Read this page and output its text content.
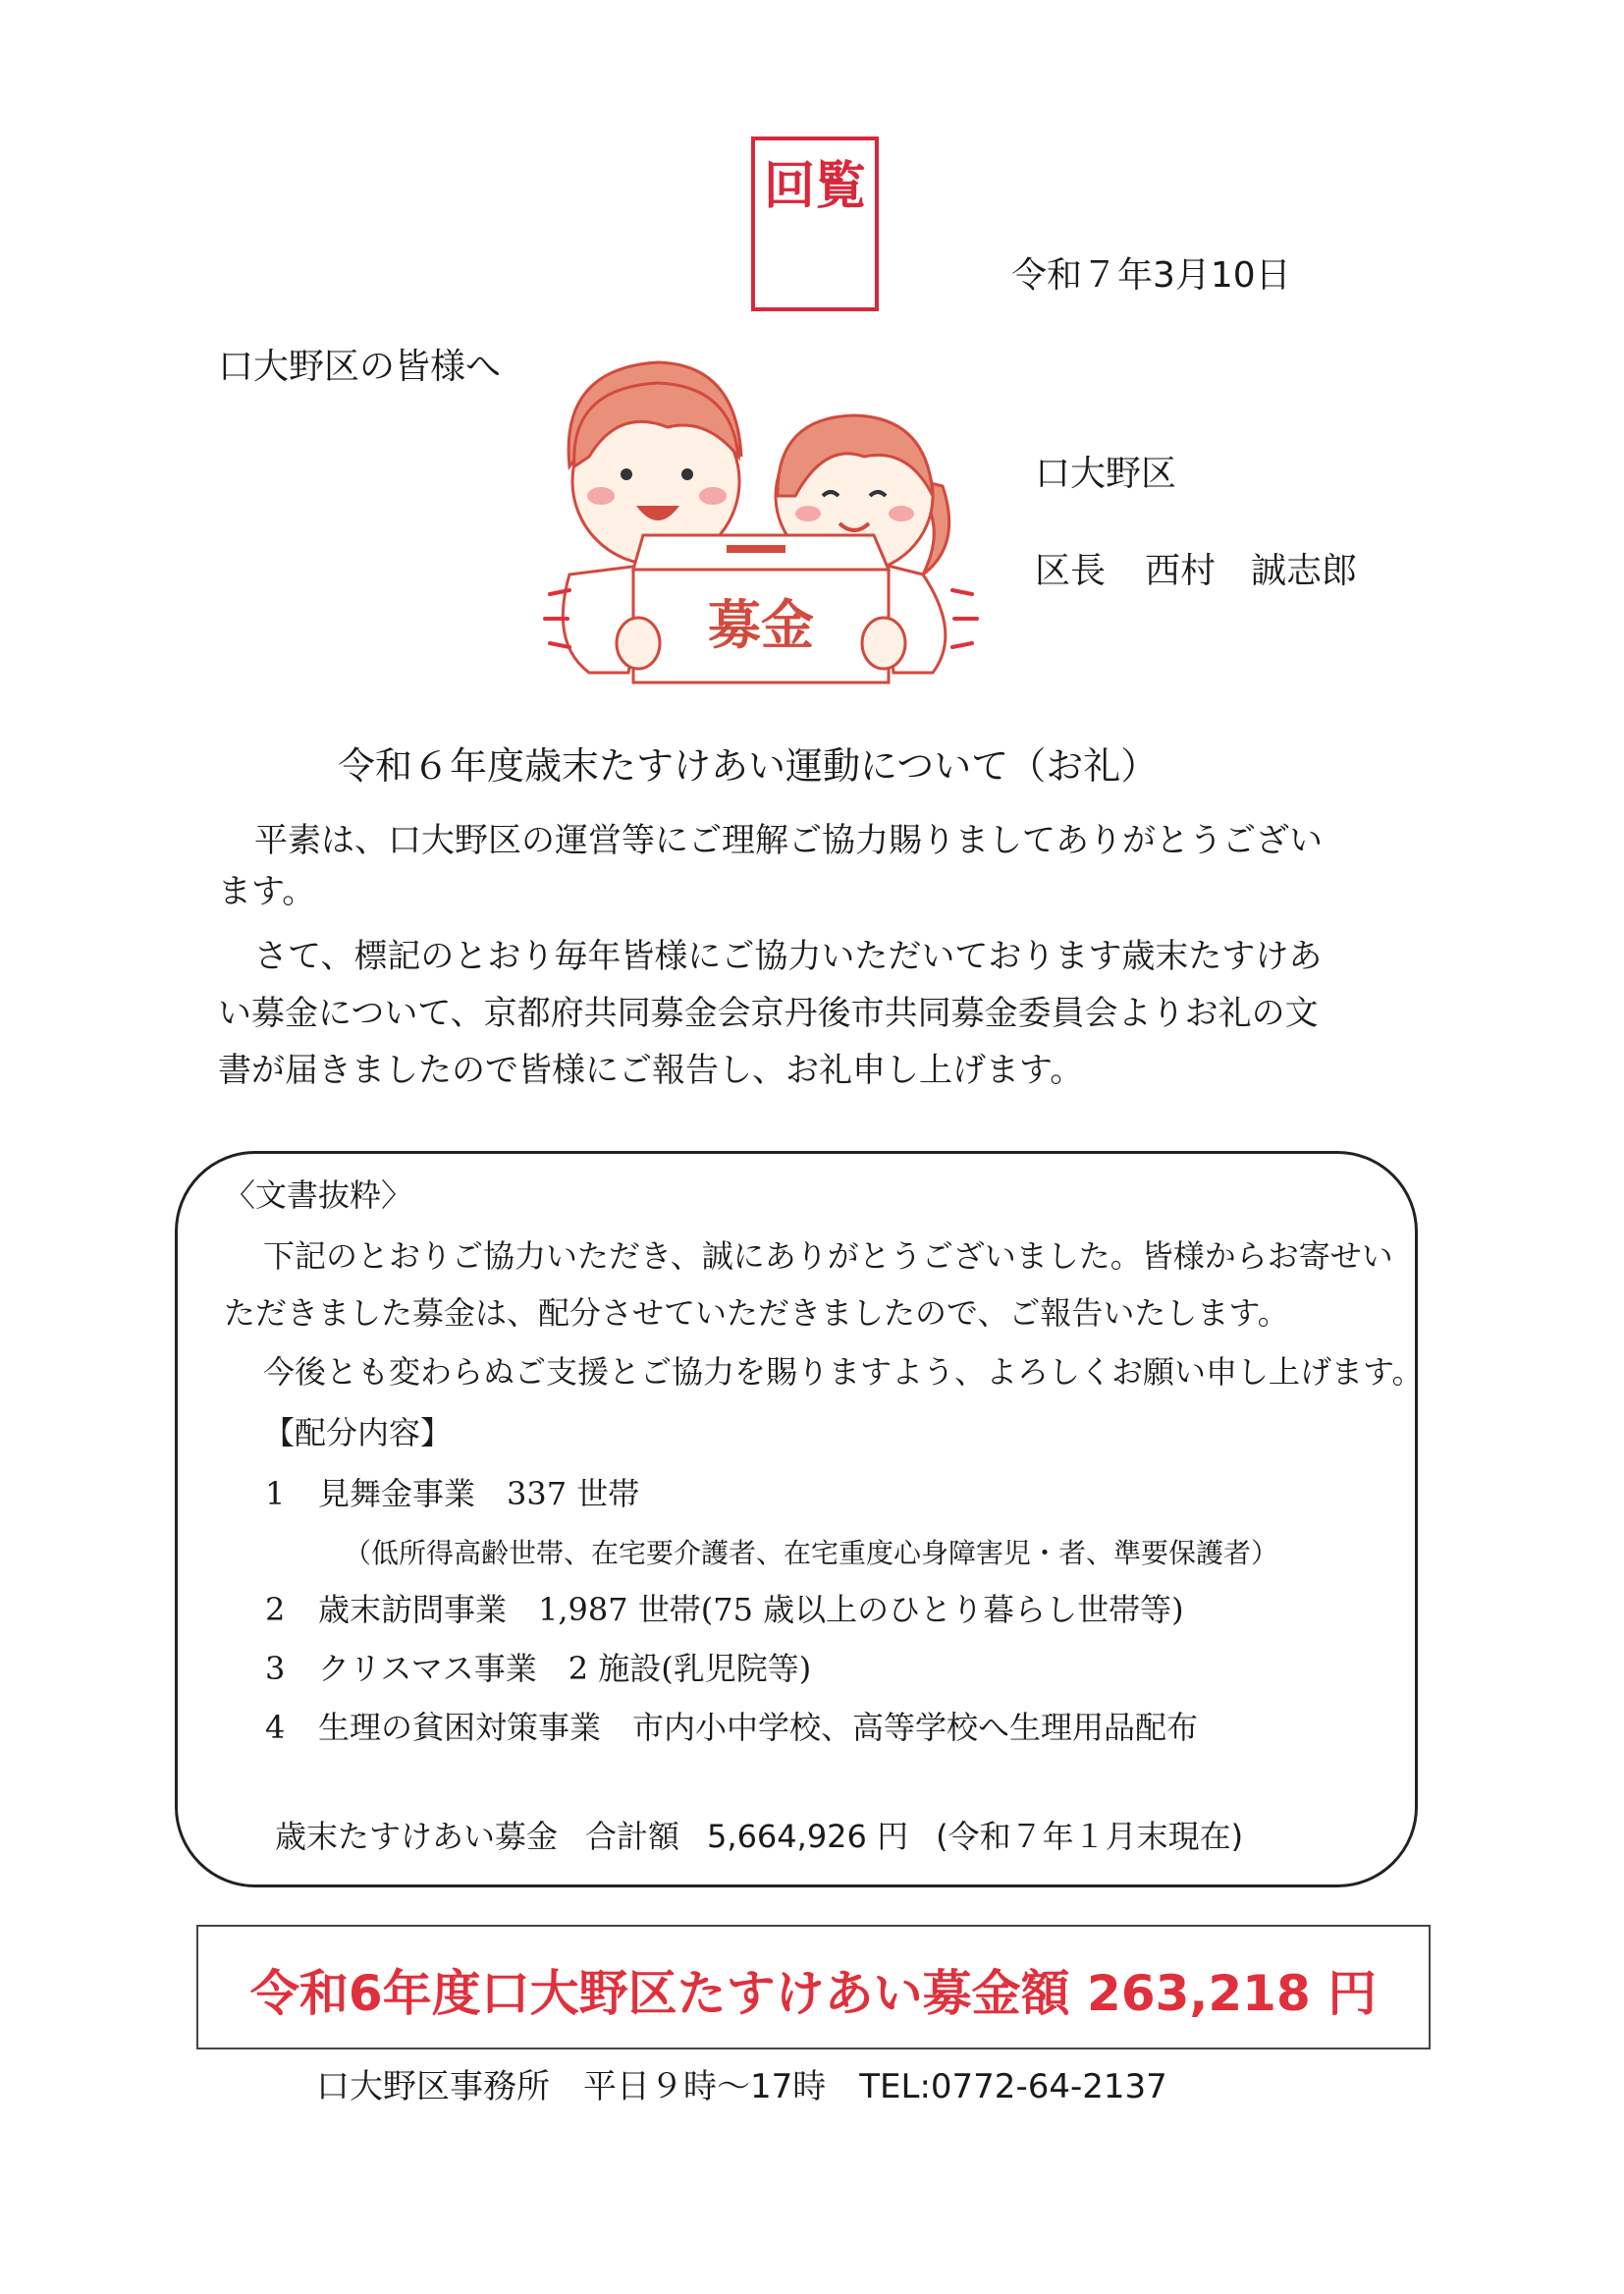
回覧
令和７年3月10日
口大野区の皆様へ
口大野区
区長 西村　誠志郎
募金
令和６年度歳末たすけあい運動について（お礼）
平素は、口大野区の運営等にご理解ご協力賜りましてありがとうござい
ます。
さて、標記のとおり毎年皆様にご協力いただいております歳末たすけあ
い募金について、京都府共同募金会京丹後市共同募金委員会よりお礼の文
書が届きましたので皆様にご報告し、お礼申し上げます。
〈文書抜粋〉
下記のとおりご協力いただき、誠にありがとうございました。皆様からお寄せい
ただきました募金は、配分させていただきましたので、ご報告いたします。
今後とも変わらぬご支援とご協力を賜りますよう、よろしくお願い申し上げます。
【配分内容】
1 見舞金事業　337 世帯
（低所得高齢世帯、在宅要介護者、在宅重度心身障害児・者、準要保護者）
2 歳末訪問事業　1,987 世帯(75 歳以上のひとり暮らし世帯等)
3 クリスマス事業　2 施設(乳児院等)
4 生理の貧困対策事業　市内小中学校、高等学校へ生理用品配布
歳末たすけあい募金 合計額 5,664,926 円 (令和７年１月末現在)
令和6年度口大野区たすけあい募金額 263,218 円
口大野区事務所 平日９時～17時 TEL:0772-64-2137
